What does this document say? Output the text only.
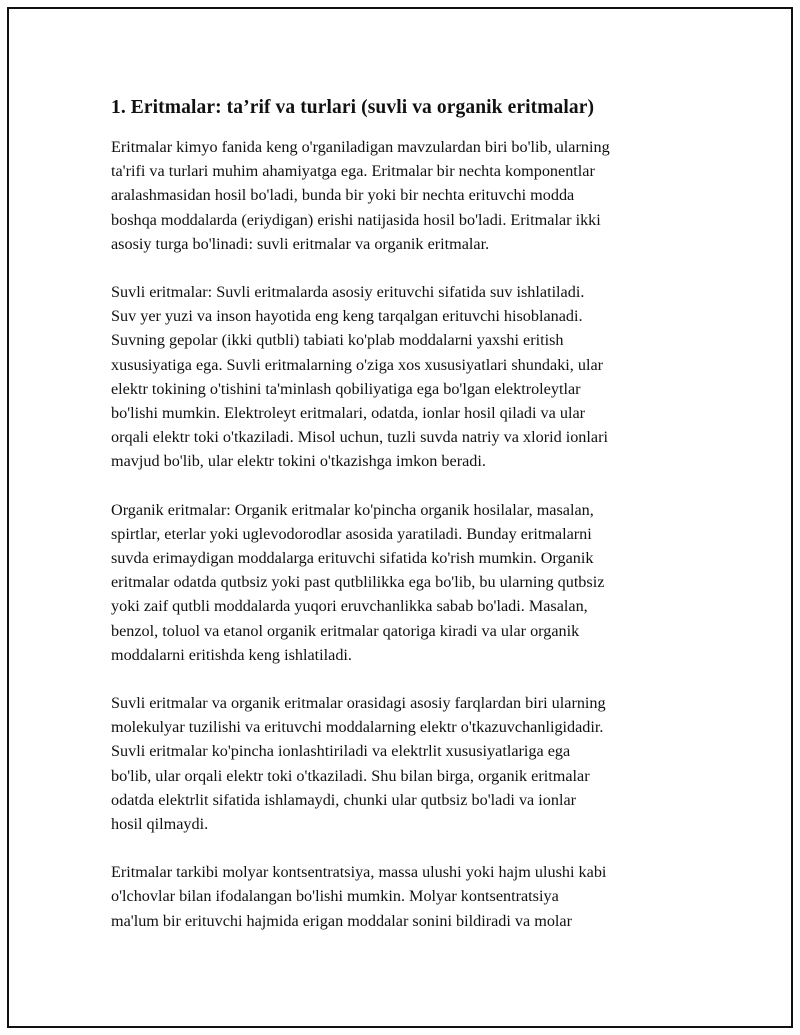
1. Eritmalar: ta’rif va turlari (suvli va organik eritmalar)

Eritmalar kimyo fanida keng o'rganiladigan mavzulardan biri bo'lib, ularning
ta'rifi va turlari muhim ahamiyatga ega. Eritmalar bir nechta komponentlar
aralashmasidan hosil bo'ladi, bunda bir yoki bir nechta erituvchi modda
boshqa moddalarda (eriydigan) erishi natijasida hosil bo'ladi. Eritmalar ikki
asosiy turga bo'linadi: suvli eritmalar va organik eritmalar.

Suvli eritmalar: Suvli eritmalarda asosiy erituvchi sifatida suv ishlatiladi.
Suv yer yuzi va inson hayotida eng keng tarqalgan erituvchi hisoblanadi.
Suvning gepolar (ikki qutbli) tabiati ko'plab moddalarni yaxshi eritish
xususiyatiga ega. Suvli eritmalarning o'ziga xos xususiyatlari shundaki, ular
elektr tokining o'tishini ta'minlash qobiliyatiga ega bo'lgan elektroleytlar
bo'lishi mumkin. Elektroleyt eritmalari, odatda, ionlar hosil qiladi va ular
orqali elektr toki o'tkaziladi. Misol uchun, tuzli suvda natriy va xlorid ionlari
mavjud bo'lib, ular elektr tokini o'tkazishga imkon beradi.

Organik eritmalar: Organik eritmalar ko'pincha organik hosilalar, masalan,
spirtlar, eterlar yoki uglevodorodlar asosida yaratiladi. Bunday eritmalarni
suvda erimaydigan moddalarga erituvchi sifatida ko'rish mumkin. Organik
eritmalar odatda qutbsiz yoki past qutblilikka ega bo'lib, bu ularning qutbsiz
yoki zaif qutbli moddalarda yuqori eruvchanlikka sabab bo'ladi. Masalan,
benzol, toluol va etanol organik eritmalar qatoriga kiradi va ular organik
moddalarni eritishda keng ishlatiladi.

Suvli eritmalar va organik eritmalar orasidagi asosiy farqlardan biri ularning
molekulyar tuzilishi va erituvchi moddalarning elektr o'tkazuvchanligidadir.
Suvli eritmalar ko'pincha ionlashtiriladi va elektrlit xususiyatlariga ega
bo'lib, ular orqali elektr toki o'tkaziladi. Shu bilan birga, organik eritmalar
odatda elektrlit sifatida ishlamaydi, chunki ular qutbsiz bo'ladi va ionlar
hosil qilmaydi.

Eritmalar tarkibi molyar kontsentratsiya, massa ulushi yoki hajm ulushi kabi
o'lchovlar bilan ifodalangan bo'lishi mumkin. Molyar kontsentratsiya
ma'lum bir erituvchi hajmida erigan moddalar sonini bildiradi va molar
